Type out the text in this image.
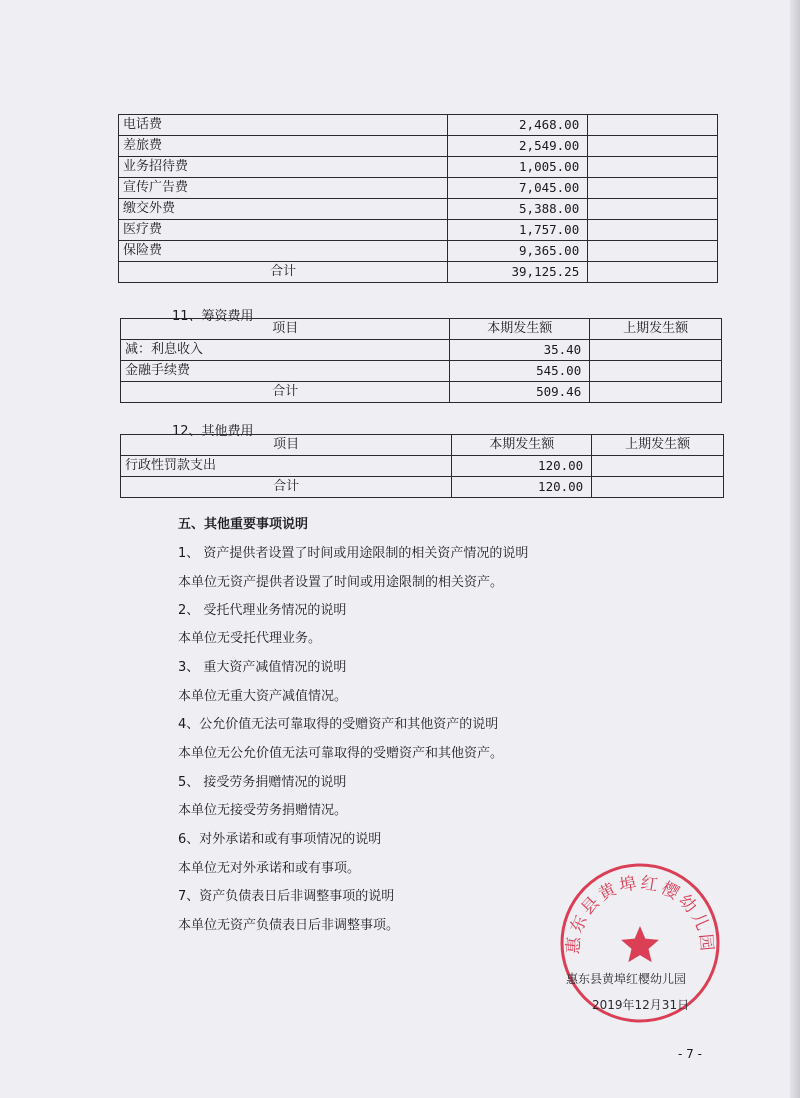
电话费	2,468.00	
差旅费	2,549.00	
业务招待费	1,005.00	
宣传广告费	7,045.00	
缴交外费	5,388.00	
医疗费	1,757.00	
保险费	9,365.00	
合计	39,125.25	
11、筹资费用
项目	本期发生额	上期发生额
减：利息收入	35.40	
金融手续费	545.00	
合计	509.46	
12、其他费用
项目	本期发生额	上期发生额
行政性罚款支出	120.00	
合计	120.00	
五、其他重要事项说明
1、 资产提供者设置了时间或用途限制的相关资产情况的说明
本单位无资产提供者设置了时间或用途限制的相关资产。
2、 受托代理业务情况的说明
本单位无受托代理业务。
3、 重大资产减值情况的说明
本单位无重大资产减值情况。
4、公允价值无法可靠取得的受赠资产和其他资产的说明
本单位无公允价值无法可靠取得的受赠资产和其他资产。
5、 接受劳务捐赠情况的说明
本单位无接受劳务捐赠情况。
6、对外承诺和或有事项情况的说明
本单位无对外承诺和或有事项。
7、资产负债表日后非调整事项的说明
本单位无资产负债表日后非调整事项。
惠东县黄埠红樱幼儿园
惠东县黄埠红樱幼儿园
2019年12月31日
- 7 -
